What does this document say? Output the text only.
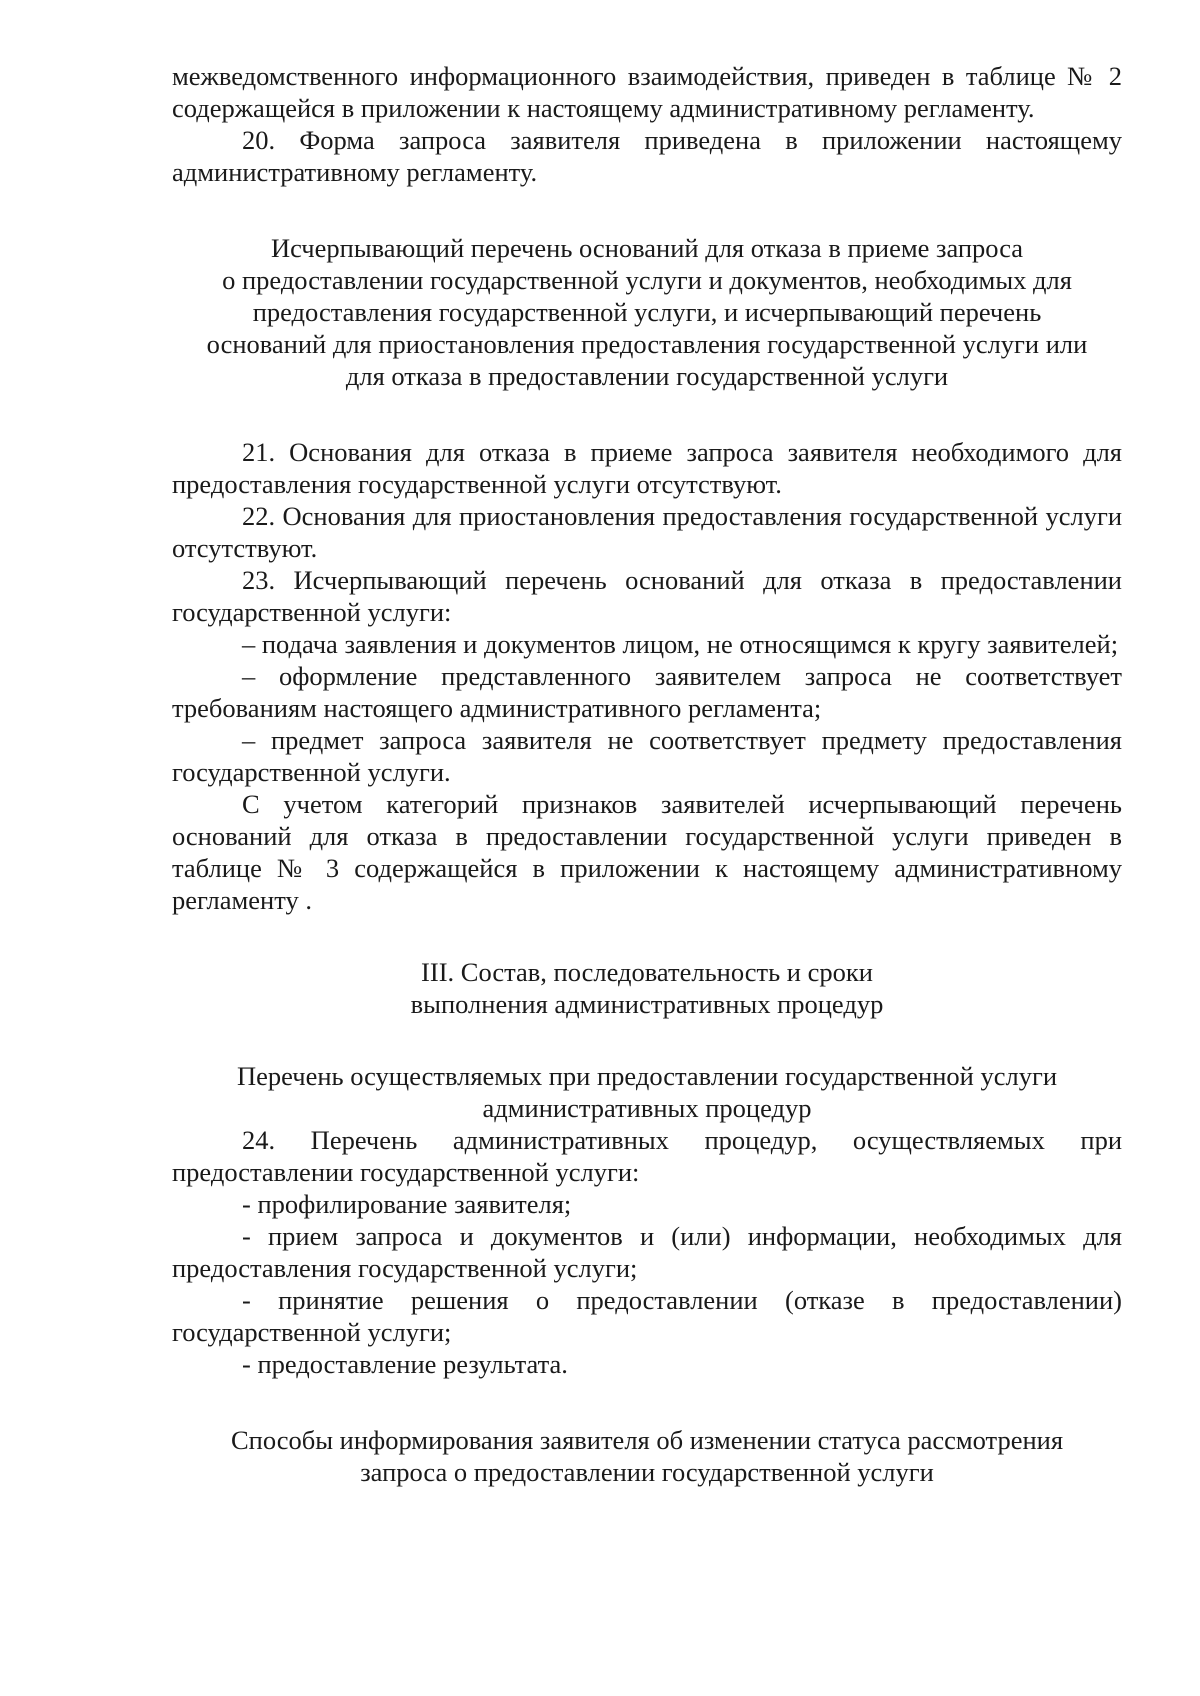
межведомственного информационного взаимодействия, приведен в таблице № 2 содержащейся в приложении к настоящему административному регламенту.

20. Форма запроса заявителя приведена в приложении настоящему административному регламенту.

Исчерпывающий перечень оснований для отказа в приеме запроса
о предоставлении государственной услуги и документов, необходимых для
предоставления государственной услуги, и исчерпывающий перечень
оснований для приостановления предоставления государственной услуги или
для отказа в предоставлении государственной услуги

21. Основания для отказа в приеме запроса заявителя необходимого для предоставления государственной услуги отсутствуют.

22. Основания для приостановления предоставления государственной услуги отсутствуют.

23. Исчерпывающий перечень оснований для отказа в предоставлении государственной услуги:

– подача заявления и документов лицом, не относящимся к кругу заявителей;

– оформление представленного заявителем запроса не соответствует требованиям настоящего административного регламента;

– предмет запроса заявителя не соответствует предмету предоставления государственной услуги.

С учетом категорий признаков заявителей исчерпывающий перечень оснований для отказа в предоставлении государственной услуги приведен в таблице № 3 содержащейся в приложении к настоящему административному регламенту .

III. Состав, последовательность и сроки
выполнения административных процедур
Перечень осуществляемых при предоставлении государственной услуги
административных процедур

24. Перечень административных процедур, осуществляемых при предоставлении государственной услуги:

- профилирование заявителя;

- прием запроса и документов и (или) информации, необходимых для предоставления государственной услуги;

- принятие решения о предоставлении (отказе в предоставлении) государственной услуги;

- предоставление результата.

Способы информирования заявителя об изменении статуса рассмотрения
запроса о предоставлении государственной услуги
